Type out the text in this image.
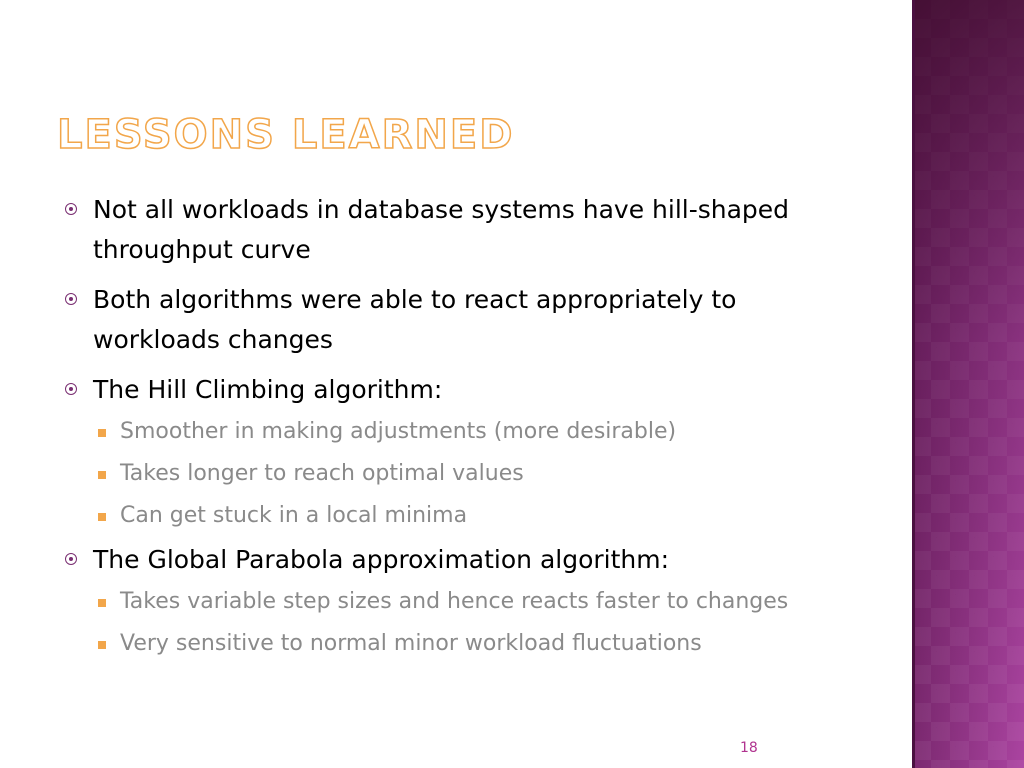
LESSONS LEARNED
Not all workloads in database systems have hill-shaped throughput curve
Both algorithms were able to react appropriately to workloads changes
The Hill Climbing algorithm:
Smoother in making adjustments (more desirable)
Takes longer to reach optimal values
Can get stuck in a local minima
The Global Parabola approximation algorithm:
Takes variable step sizes and hence reacts faster to changes
Very sensitive to normal minor workload fluctuations
18
